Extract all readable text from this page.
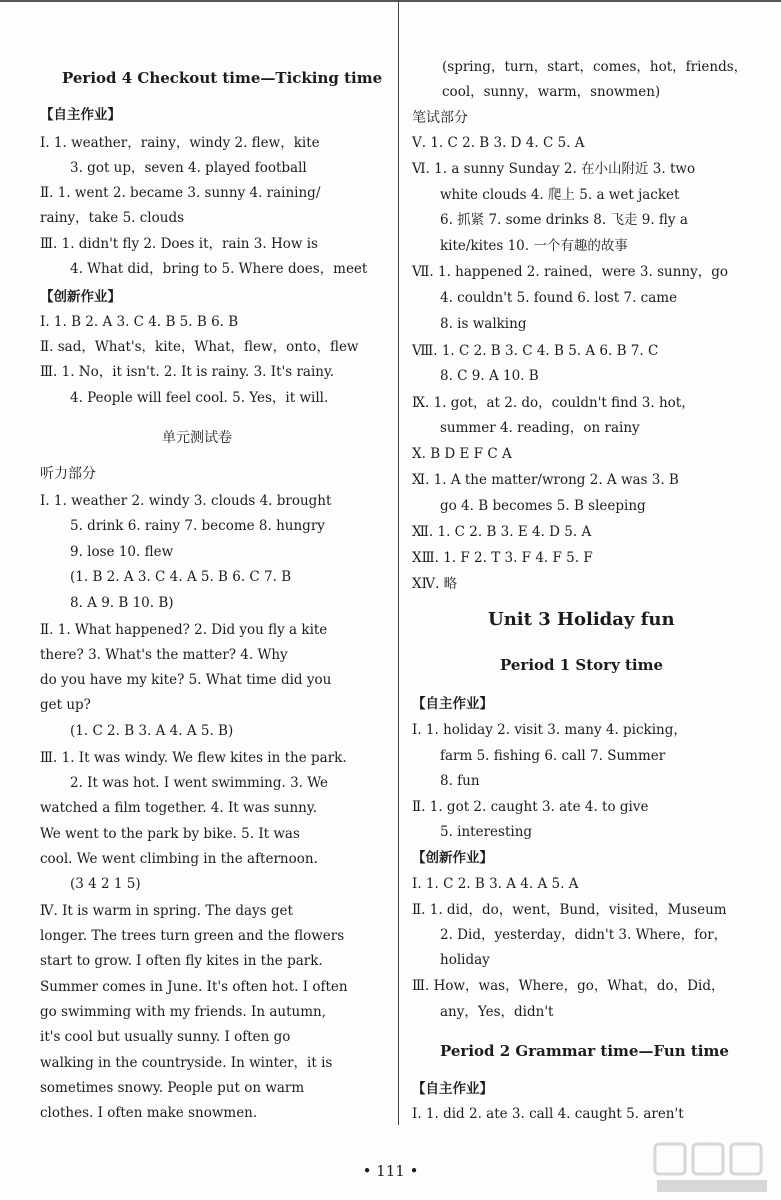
Period 4 Checkout time—Ticking time
【自主作业】
Ⅰ. 1. weather，rainy，windy 2. flew，kite
3. got up，seven 4. played football
Ⅱ. 1. went 2. became 3. sunny 4. raining/
rainy，take 5. clouds
Ⅲ. 1. didn't fly 2. Does it，rain 3. How is
4. What did，bring to 5. Where does，meet
【创新作业】
Ⅰ. 1. B 2. A 3. C 4. B 5. B 6. B
Ⅱ. sad，What's，kite，What，flew，onto，flew
Ⅲ. 1. No，it isn't. 2. It is rainy. 3. It's rainy.
4. People will feel cool. 5. Yes，it will.
单元测试卷
听力部分
Ⅰ. 1. weather 2. windy 3. clouds 4. brought
5. drink 6. rainy 7. become 8. hungry
9. lose 10. flew
(1. B 2. A 3. C 4. A 5. B 6. C 7. B
8. A 9. B 10. B)
Ⅱ. 1. What happened? 2. Did you fly a kite
there? 3. What's the matter? 4. Why
do you have my kite? 5. What time did you
get up?
(1. C 2. B 3. A 4. A 5. B)
Ⅲ. 1. It was windy. We flew kites in the park.
2. It was hot. I went swimming. 3. We
watched a film together. 4. It was sunny.
We went to the park by bike. 5. It was
cool. We went climbing in the afternoon.
(3 4 2 1 5)
Ⅳ. It is warm in spring. The days get
longer. The trees turn green and the flowers
start to grow. I often fly kites in the park.
Summer comes in June. It's often hot. I often
go swimming with my friends. In autumn,
it's cool but usually sunny. I often go
walking in the countryside. In winter，it is
sometimes snowy. People put on warm
clothes. I often make snowmen.
(spring，turn，start，comes，hot，friends，
cool，sunny，warm，snowmen)
笔试部分
Ⅴ. 1. C 2. B 3. D 4. C 5. A
Ⅵ. 1. a sunny Sunday 2. 在小山附近 3. two
white clouds 4. 爬上 5. a wet jacket
6. 抓紧 7. some drinks 8. 飞走 9. fly a
kite/kites 10. 一个有趣的故事
Ⅶ. 1. happened 2. rained，were 3. sunny，go
4. couldn't 5. found 6. lost 7. came
8. is walking
Ⅷ. 1. C 2. B 3. C 4. B 5. A 6. B 7. C
8. C 9. A 10. B
Ⅸ. 1. got，at 2. do，couldn't find 3. hot，
summer 4. reading，on rainy
Ⅹ. B D E F C A
Ⅺ. 1. A the matter/wrong 2. A was 3. B
go 4. B becomes 5. B sleeping
Ⅻ. 1. C 2. B 3. E 4. D 5. A
ⅩⅢ. 1. F 2. T 3. F 4. F 5. F
ⅩⅣ. 略
Unit 3 Holiday fun
Period 1 Story time
【自主作业】
Ⅰ. 1. holiday 2. visit 3. many 4. picking，
farm 5. fishing 6. call 7. Summer
8. fun
Ⅱ. 1. got 2. caught 3. ate 4. to give
5. interesting
【创新作业】
Ⅰ. 1. C 2. B 3. A 4. A 5. A
Ⅱ. 1. did，do，went，Bund，visited，Museum
2. Did，yesterday，didn't 3. Where，for，
holiday
Ⅲ. How，was，Where，go，What，do，Did，
any，Yes，didn't
Period 2 Grammar time—Fun time
【自主作业】
Ⅰ. 1. did 2. ate 3. call 4. caught 5. aren't
• 111 •
